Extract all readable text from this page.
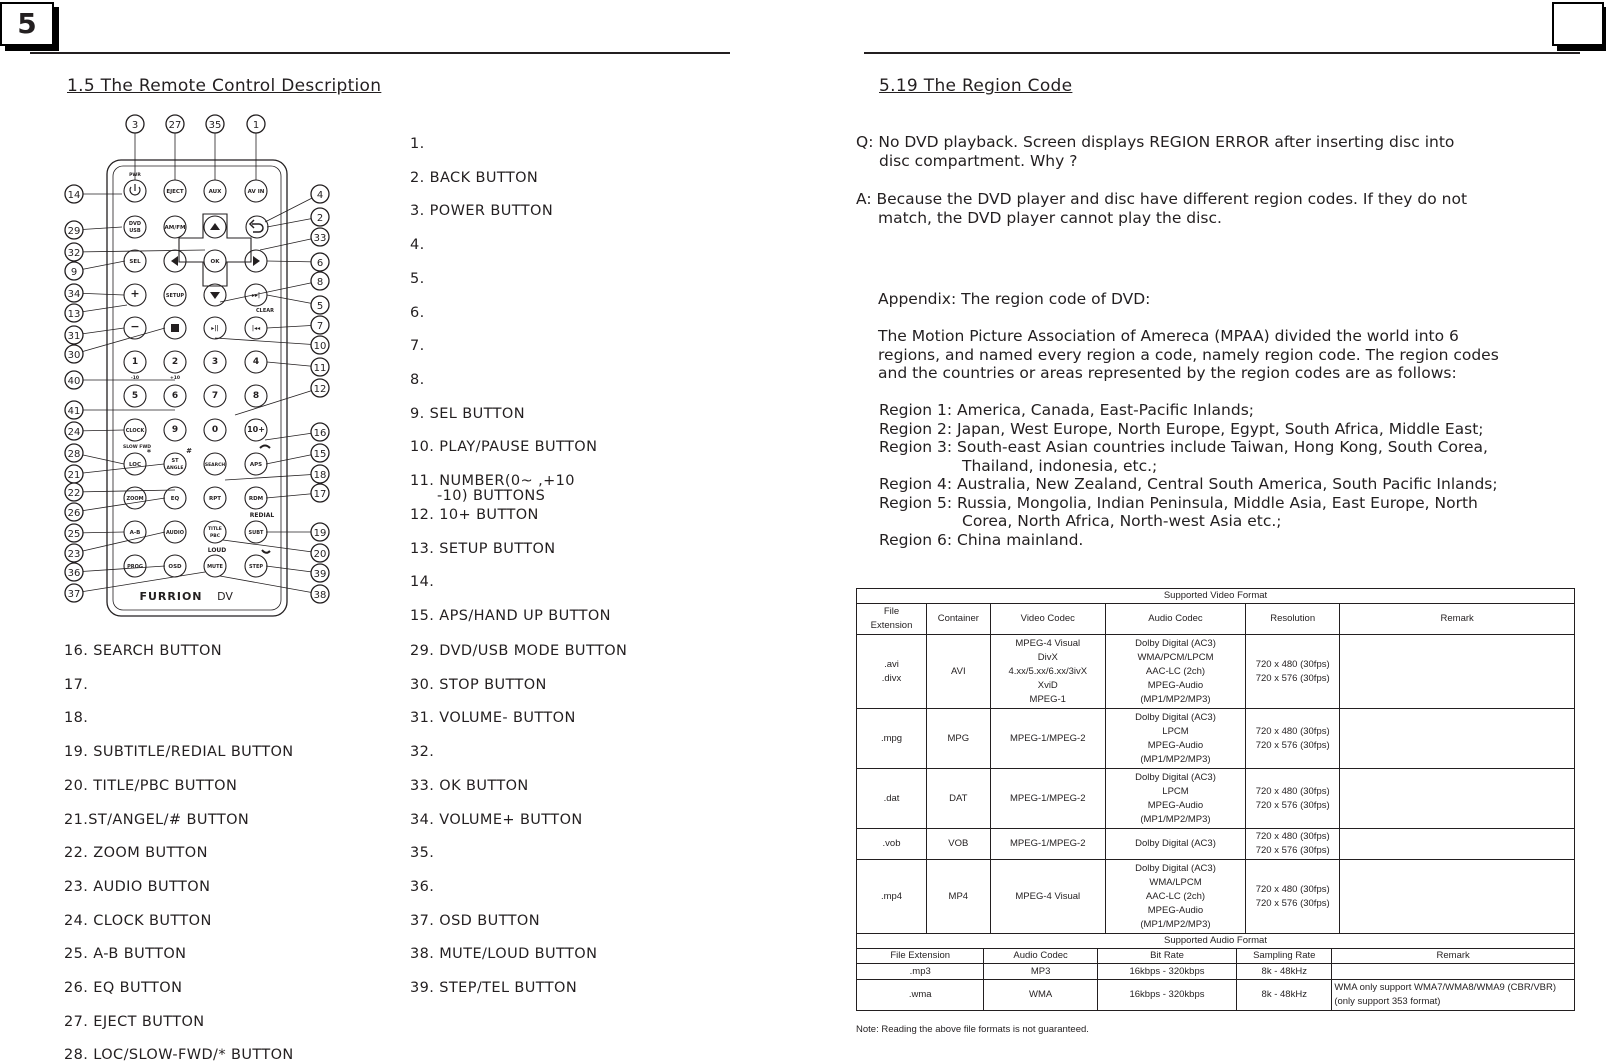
5
1.5 The Remote Control Description
PWR
EJECT	AUX	AV IN
DVD
USB	AM/FM
SEL	OK
+	SETUP	▸▸|
−	▸||	|◂◂
CLEAR
1	2	3	4
-10	+10
5	6	7	8
9	0	10+
CLOCK
SLOW FWD
*
LOC
ST
ANGLE
#
SEARCH	APS
ZOOM	EQ	RPT	RDM
REDIAL
A-B	AUDIO
TITLE
PBC
SUBT
LOUD
PROG	OSD	MUTE	STEP
FURRION DV
3	27	35	1
14	4
2
33
29
32
9
6
8
34
5
13
7
31
10
30
11
40
12
41
16
24
15
28
18
21
17
22
26
19
25
20
23
39
36
38
37
1.
2. BACK BUTTON
3. POWER BUTTON
4.
5.
6.
7.
8.
9. SEL BUTTON
10. PLAY/PAUSE BUTTON
11. NUMBER(0~ ,+10
-10) BUTTONS
12. 10+ BUTTON
13. SETUP BUTTON
14.
15. APS/HAND UP BUTTON
16. SEARCH BUTTON
17.
18.
19. SUBTITLE/REDIAL BUTTON
20. TITLE/PBC BUTTON
21.ST/ANGEL/# BUTTON
22. ZOOM BUTTON
23. AUDIO BUTTON
24. CLOCK BUTTON
25. A-B BUTTON
26. EQ BUTTON
27. EJECT BUTTON
28. LOC/SLOW-FWD/* BUTTON
29. DVD/USB MODE BUTTON
30. STOP BUTTON
31. VOLUME- BUTTON
32.
33. OK BUTTON
34. VOLUME+ BUTTON
35.
36.
37. OSD BUTTON
38. MUTE/LOUD BUTTON
39. STEP/TEL BUTTON
5.19 The Region Code
Q: No DVD playback. Screen displays REGION ERROR after inserting disc into
disc compartment. Why ?
A: Because the DVD player and disc have different region codes. If they do not
match, the DVD player cannot play the disc.
Appendix: The region code of DVD:
The Motion Picture Association of Amereca (MPAA) divided the world into 6
regions, and named every region a code, namely region code. The region codes
and the countries or areas represented by the region codes are as follows:
Region 1: America, Canada, East-Pacific Inlands;
Region 2: Japan, West Europe, North Europe, Egypt, South Africa, Middle East;
Region 3: South-east Asian countries include Taiwan, Hong Kong, South Corea,
Thailand, indonesia, etc.;
Region 4: Australia, New Zealand, Central South America, South Pacific Inlands;
Region 5: Russia, Mongolia, Indian Peninsula, Middle Asia, East Europe, North
Corea, North Africa, North-west Asia etc.;
Region 6: China mainland.
Supported Video Format					
File
Extension	Container	Video Codec	Audio Codec	Resolution	Remark
.avi
.divx	AVI	MPEG-4 Visual
DivX
4.xx/5.xx/6.xx/3ivX
XviD
MPEG-1	Dolby Digital (AC3)
WMA/PCM/LPCM
AAC-LC (2ch)
MPEG-Audio
(MP1/MP2/MP3)	720 x 480 (30fps)
720 x 576 (30fps)	
.mpg	MPG	MPEG-1/MPEG-2	Dolby Digital (AC3)
LPCM
MPEG-Audio
(MP1/MP2/MP3)	720 x 480 (30fps)
720 x 576 (30fps)	
.dat	DAT	MPEG-1/MPEG-2	Dolby Digital (AC3)
LPCM
MPEG-Audio
(MP1/MP2/MP3)	720 x 480 (30fps)
720 x 576 (30fps)	
.vob	VOB	MPEG-1/MPEG-2	Dolby Digital (AC3)	720 x 480 (30fps)
720 x 576 (30fps)	
.mp4	MP4	MPEG-4 Visual	Dolby Digital (AC3)
WMA/LPCM
AAC-LC (2ch)
MPEG-Audio
(MP1/MP2/MP3)	720 x 480 (30fps)
720 x 576 (30fps)	
Supported Audio Format				
File Extension	Audio Codec	Bit Rate	Sampling Rate	Remark
.mp3	MP3	16kbps - 320kbps	8k - 48kHz	
.wma	WMA	16kbps - 320kbps	8k - 48kHz	WMA only support WMA7/WMA8/WMA9 (CBR/VBR)
(only support 353 format)
Note: Reading the above file formats is not guaranteed.
